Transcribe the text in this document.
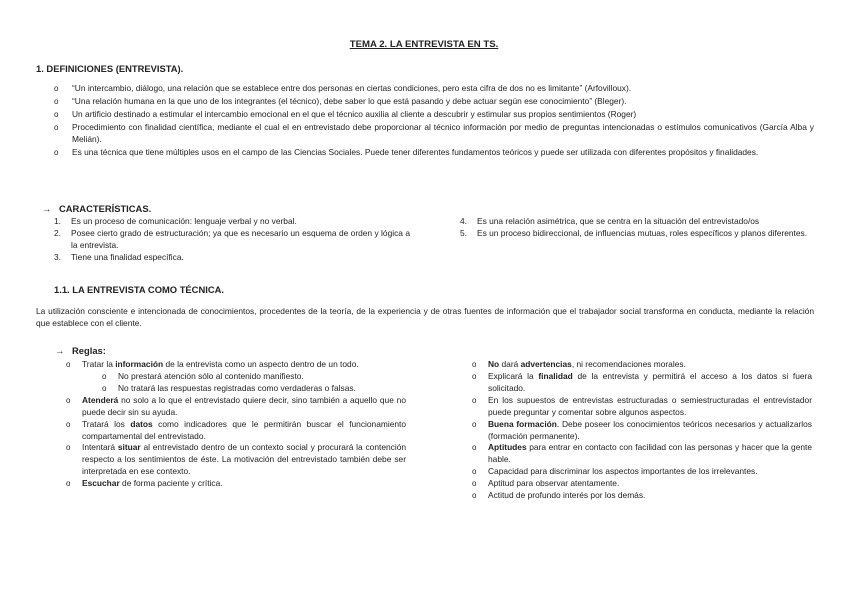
TEMA 2. LA ENTREVISTA EN TS.
1. DEFINICIONES (ENTREVISTA).
o “Un intercambio, diálogo, una relación que se establece entre dos personas en ciertas condiciones, pero esta cifra de dos no es limitante” (Arfovilloux).
o “Una relación humana en la que uno de los integrantes (el técnico), debe saber lo que está pasando y debe actuar según ese conocimiento” (Bleger).
o Un artificio destinado a estimular el intercambio emocional en el que el técnico auxilia al cliente a descubrir y estimular sus propios sentimientos (Roger)
o Procedimiento con finalidad científica, mediante el cual el en entrevistado debe proporcionar al técnico información por medio de preguntas intencionadas o estímulos comunicativos (García Alba y Melián).
o Es una técnica que tiene múltiples usos en el campo de las Ciencias Sociales. Puede tener diferentes fundamentos teóricos y puede ser utilizada con diferentes propósitos y finalidades.
→ CARACTERÍSTICAS.
1. Es un proceso de comunicación: lenguaje verbal y no verbal.
2. Posee cierto grado de estructuración; ya que es necesario un esquema de orden y lógica a la entrevista.
3. Tiene una finalidad específica.
4. Es una relación asimétrica, que se centra en la situación del entrevistado/os
5. Es un proceso bidireccional, de influencias mutuas, roles específicos y planos diferentes.
1.1. LA ENTREVISTA COMO TÉCNICA.
La utilización consciente e intencionada de conocimientos, procedentes de la teoría, de la experiencia y de otras fuentes de información que el trabajador social transforma en conducta, mediante la relación que establece con el cliente.
→ Reglas:
o Tratar la información de la entrevista como un aspecto dentro de un todo.
o No prestará atención sólo al contenido manifiesto.
o No tratará las respuestas registradas como verdaderas o falsas.
o Atenderá no solo a lo que el entrevistado quiere decir, sino también a aquello que no puede decir sin su ayuda.
o Tratará los datos como indicadores que le permitirán buscar el funcionamiento compartamental del entrevistado.
o Intentará situar al entrevistado dentro de un contexto social y procurará la contención respecto a los sentimientos de éste. La motivación del entrevistado también debe ser interpretada en ese contexto.
o Escuchar de forma paciente y crítica.
o No dará advertencias, ni recomendaciones morales.
o Explicará la finalidad de la entrevista y permitirá el acceso a los datos si fuera solicitado.
o En los supuestos de entrevistas estructuradas o semiestructuradas el entrevistador puede preguntar y comentar sobre algunos aspectos.
o Buena formación. Debe poseer los conocimientos teóricos necesarios y actualizarlos (formación permanente).
o Aptitudes para entrar en contacto con facilidad con las personas y hacer que la gente hable.
o Capacidad para discriminar los aspectos importantes de los irrelevantes.
o Aptitud para observar atentamente.
o Actitud de profundo interés por los demás.
